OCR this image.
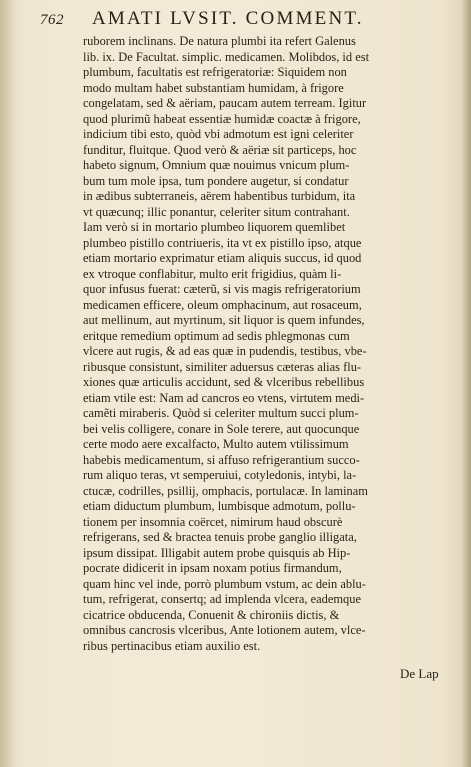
762 AMATI LVSIT. COMMENT.
ruborem inclinans. De natura plumbi ita refert Galenus
lib. ix. De Facultat. simplic. medicamen. Molibdos, id est
plumbum, facultatis est refrigeratoriæ: Siquidem non
modo multam habet substantiam humidam, à frigore
congelatam, sed & aëriam, paucam autem terream. Igitur
quod plurimũ habeat essentiæ humidæ coactæ à frigore,
indicium tibi esto, quòd vbi admotum est igni celeriter
funditur, fluitque. Quod verò & aëriæ sit particeps, hoc
habeto signum, Omnium quæ nouimus vnicum plum-
bum tum mole ipsa, tum pondere augetur, si condatur
in ædibus subterraneis, aërem habentibus turbidum, ita
vt quæcunq; illic ponantur, celeriter situm contrahant.
Iam verò si in mortario plumbeo liquorem quemlibet
plumbeo pistillo contriueris, ita vt ex pistillo ipso, atque
etiam mortario exprimatur etiam aliquis succus, id quod
ex vtroque conflabitur, multo erit frigidius, quàm li-
quor infusus fuerat: cæterũ, si vis magis refrigeratorium
medicamen efficere, oleum omphacinum, aut rosaceum,
aut mellinum, aut myrtinum, sit liquor is quem infundes,
eritque remedium optimum ad sedis phlegmonas cum
vlcere aut rugis, & ad eas quæ in pudendis, testibus, vbe-
ribusque consistunt, similiter aduersus cæteras alias flu-
xiones quæ articulis accidunt, sed & vlceribus rebellibus
etiam vtile est: Nam ad cancros eo vtens, virtutem medi-
camẽti miraberis. Quòd si celeriter multum succi plum-
bei velis colligere, conare in Sole terere, aut quocunque
certe modo aere excalfacto, Multo autem vtilissimum
habebis medicamentum, si affuso refrigerantium succo-
rum aliquo teras, vt semperuiui, cotyledonis, intybi, la-
ctucæ, codrilles, psillij, omphacis, portulacæ. In laminam
etiam diductum plumbum, lumbisque admotum, pollu-
tionem per insomnia coërcet, nimirum haud obscurè
refrigerans, sed & bractea tenuis probe ganglio illigata,
ipsum dissipat. Illigabit autem probe quisquis ab Hip-
pocrate didicerit in ipsam noxam potius firmandum,
quam hinc vel inde, porrò plumbum vstum, ac dein ablu-
tum, refrigerat, consertq; ad implenda vlcera, eademque
cicatrice obducenda, Conuenit & chironiis dictis, &
omnibus cancrosis vlceribus, Ante lotionem autem, vlce-
ribus pertinacibus etiam auxilio est.
De Lap
